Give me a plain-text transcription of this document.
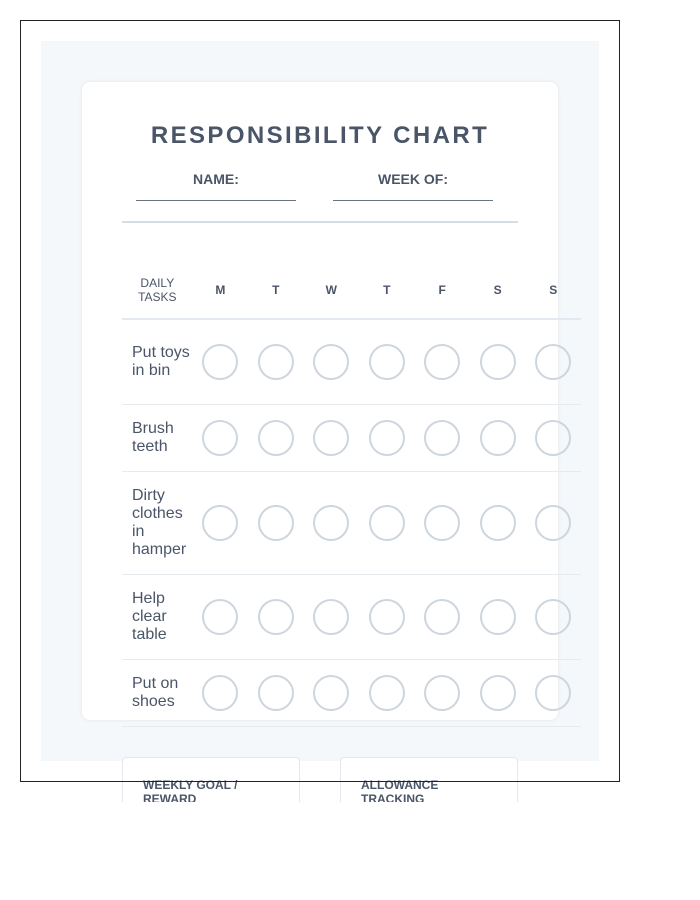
RESPONSIBILITY CHART
NAME:	WEEK OF:
DAILY TASKS	M	T	W	T	F	S	S
Put toys in bin							
Brush teeth							
Dirty clothes in hamper							
Help clear table							
Put on shoes							
WEEKLY GOAL / REWARD
ALLOWANCE TRACKING
